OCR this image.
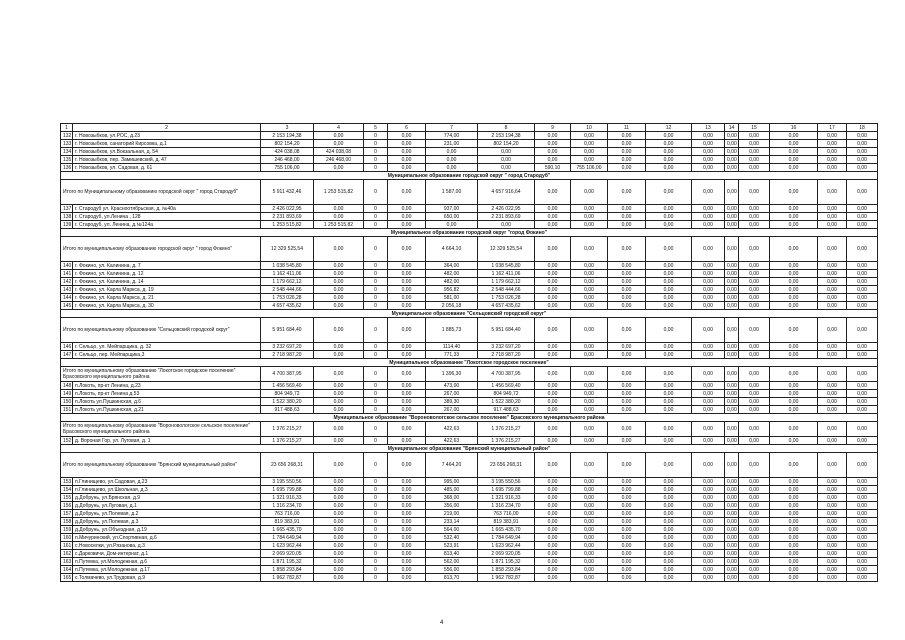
1	2	3	4	5	6	7	8	9	10	11	12	13	14	15	16	17	18
132	г. Новозыбков, ул.РОС, д.23	2 153 194,38	0,00	0	0,00	774,00	2 153 194,38	0,00	0,00	0,00	0,00	0,00	0,00	0,00	0,00	0,00	0,00
133	г. Новозыбков, санаторий Кирсовка, д.1	802 154,20	0,00	0	0,00	231,00	802 154,20	0,00	0,00	0,00	0,00	0,00	0,00	0,00	0,00	0,00	0,00
134	г. Новозыбков, ул.Вокзальная, д. 54	424 038,08	424 038,08	0	0,00	0,00	0,00	0,00	0,00	0,00	0,00	0,00	0,00	0,00	0,00	0,00	0,00
135	г. Новозыбков, пер. Замишевский, д. 47	246 468,00	246 468,00	0	0,00	0,00	0,00	0,00	0,00	0,00	0,00	0,00	0,00	0,00	0,00	0,00	0,00
136	г. Новозыбков, ул. Садовая, д. 61	755 106,00	0,00	0	0,00	0,00	0,00	590,10	755 106,00	0,00	0,00	0,00	0,00	0,00	0,00	0,00	0,00
Муниципальное образование городской округ " город Стародуб"																	
Итого по Муниципальному образованию городской округ " город Стародуб"		5 911 432,46	1 253 515,82	0	0,00	1 587,00	4 657 916,64	0,00	0,00	0,00	0,00	0,00	0,00	0,00	0,00	0,00	0,00
137	г. Стародуб ул. Красноотябрьская, д. №40а	2 426 022,95	0,00	0	0,00	937,00	2 426 022,95	0,00	0,00	0,00	0,00	0,00	0,00	0,00	0,00	0,00	0,00
138	г. Стародуб, ул.Ленина , 128	2 231 893,69	0,00	0	0,00	650,00	2 231 893,69	0,00	0,00	0,00	0,00	0,00	0,00	0,00	0,00	0,00	0,00
139	г. Стародуб, ул. Ленина, д.№124а	1 253 515,82	1 253 515,82	0	0,00	0,00	0,00	0,00	0,00	0,00	0,00	0,00	0,00	0,00	0,00	0,00	0,00
Муниципальное образование городской округ "город Фокино"																	
Итого по муниципальному образованию городской округ " город Фокино"		12 329 525,54	0,00	0	0,00	4 664,10	12 329 525,54	0,00	0,00	0,00	0,00	0,00	0,00	0,00	0,00	0,00	0,00
140	г. Фокино, ул. Калинина, д. 7	1 038 545,80	0,00	0	0,00	364,00	1 038 545,80	0,00	0,00	0,00	0,00	0,00	0,00	0,00	0,00	0,00	0,00
141	г. Фокино, ул. Калинина, д. 12	1 162 411,06	0,00	0	0,00	482,00	1 162 411,06	0,00	0,00	0,00	0,00	0,00	0,00	0,00	0,00	0,00	0,00
142	г. Фокино, ул. Калинина, д. 14	1 179 662,12	0,00	0	0,00	482,00	1 179 662,12	0,00	0,00	0,00	0,00	0,00	0,00	0,00	0,00	0,00	0,00
143	г. Фокино, ул. Карла Маркса, д. 19	2 548 444,66	0,00	0	0,00	956,82	2 548 444,66	0,00	0,00	0,00	0,00	0,00	0,00	0,00	0,00	0,00	0,00
144	г. Фокино, ул. Карла Маркса, д. 21	1 753 026,28	0,00	0	0,00	581,00	1 753 026,28	0,00	0,00	0,00	0,00	0,00	0,00	0,00	0,00	0,00	0,00
145	г. Фокино, ул. Карла Маркса, д. 30	4 657 435,62	0,00	0	0,00	2 056,18	4 657 435,62	0,00	0,00	0,00	0,00	0,00	0,00	0,00	0,00	0,00	0,00
Муниципальное образование "Сельцовский городской округ"																	
Итого по муниципальному образованию "Сельцовский городской округ"		5 951 684,40	0,00	0	0,00	1 885,73	5 951 684,40	0,00	0,00	0,00	0,00	0,00	0,00	0,00	0,00	0,00	0,00
146	г. Сельцо, ул. Мейпарщика, д. 32	3 232 697,20	0,00	0	0,00	1114,40	3 232 697,20	0,00	0,00	0,00	0,00	0,00	0,00	0,00	0,00	0,00	0,00
147	г. Сельцо, пер. Мейпарщика,3	2 718 987,20	0,00	0	0,00	771,33	2 718 987,20	0,00	0,00	0,00	0,00	0,00	0,00	0,00	0,00	0,00	0,00
Муниципальное образование "Локотское городское поселение"																	
Итого по муниципальному образованию "Локотское городское поселение" Брасовского муниципального района		4 700 387,95	0,00	0	0,00	1 396,30	4 700 387,95	0,00	0,00	0,00	0,00	0,00	0,00	0,00	0,00	0,00	0,00
148	п.Локоть, пр-кт Ленина, д.23	1 456 569,40	0,00	0	0,00	473,00	1 456 569,40	0,00	0,00	0,00	0,00	0,00	0,00	0,00	0,00	0,00	0,00
149	п.Локоть, пр-кт Ленина д.53	804 949,72	0,00	0	0,00	267,00	804 949,72	0,00	0,00	0,00	0,00	0,00	0,00	0,00	0,00	0,00	0,00
150	п.Локоть ул.Пушкинская, д.6	1 522 380,20	0,00	0	0,00	389,30	1 522 380,20	0,00	0,00	0,00	0,00	0,00	0,00	0,00	0,00	0,00	0,00
151	п.Локоть ул.Пушкинская, д.21	917 488,63	0,00	0	0,00	267,00	917 488,63	0,00	0,00	0,00	0,00	0,00	0,00	0,00	0,00	0,00	0,00
Муниципальное образование "Вороновологское сельское поселение" Брасовского муниципального района																	
Итого по муниципальному образованию "Вороновологское сельское поселение" Брасовского муниципального района		1 376 215,27	0,00	0	0,00	422,63	1 376 215,27	0,00	0,00	0,00	0,00	0,00	0,00	0,00	0,00	0,00	0,00
152	д. Вороная Гор, ул. Луговая, д. 1	1 376 215,27	0,00	0	0,00	422,63	1 376 215,27	0,00	0,00	0,00	0,00	0,00	0,00	0,00	0,00	0,00	0,00
Муниципальное образование "Брянский муниципальный район"																	
Итого по муниципальному образованию "Брянский муниципальный район"		23 656 268,31	0,00	0	0,00	7 464,20	23 656 268,31	0,00	0,00	0,00	0,00	0,00	0,00	0,00	0,00	0,00	0,00
153	п.Глинищево, ул.Садовая, д.23	3 195 550,56	0,00	0	0,00	995,00	3 195 550,56	0,00	0,00	0,00	0,00	0,00	0,00	0,00	0,00	0,00	0,00
154	п.Глинищево, ул.Школьная, д.3	1 695 799,88	0,00	0	0,00	485,00	1 695 799,88	0,00	0,00	0,00	0,00	0,00	0,00	0,00	0,00	0,00	0,00
155	д.Добрунь, ул.Брянская, д.9	1 321 916,33	0,00	0	0,00	368,00	1 321 916,33	0,00	0,00	0,00	0,00	0,00	0,00	0,00	0,00	0,00	0,00
156	д.Добрунь, ул.Луговая, д.1	1 316 234,70	0,00	0	0,00	356,00	1 316 234,70	0,00	0,00	0,00	0,00	0,00	0,00	0,00	0,00	0,00	0,00
157	д.Добрунь, ул.Полевая, д.2	763 716,00	0,00	0	0,00	219,00	763 716,00	0,00	0,00	0,00	0,00	0,00	0,00	0,00	0,00	0,00	0,00
158	д.Добрунь, ул.Полевая, д.3	819 383,91	0,00	0	0,00	233,14	819 383,91	0,00	0,00	0,00	0,00	0,00	0,00	0,00	0,00	0,00	0,00
159	д.Добрунь, ул.Объездная, д.19	1 665 435,70	0,00	0	0,00	564,00	1 665 435,70	0,00	0,00	0,00	0,00	0,00	0,00	0,00	0,00	0,00	0,00
160	п.Мичуринский, ул.Спортивная, д.6	1 784 649,94	0,00	0	0,00	532,40	1 784 649,94	0,00	0,00	0,00	0,00	0,00	0,00	0,00	0,00	0,00	0,00
161	с.Новоселки, ул.Рязанова, д.3	1 623 962,44	0,00	0	0,00	523,91	1 623 962,44	0,00	0,00	0,00	0,00	0,00	0,00	0,00	0,00	0,00	0,00
162	с.Дарковичи, Дом-интернат, д.1	2 069 920,05	0,00	0	0,00	813,40	2 069 920,05	0,00	0,00	0,00	0,00	0,00	0,00	0,00	0,00	0,00	0,00
163	п.Путевка, ул.Молодежная, д.6	1 871 195,32	0,00	0	0,00	562,00	1 871 195,32	0,00	0,00	0,00	0,00	0,00	0,00	0,00	0,00	0,00	0,00
164	п.Путевка, ул.Молодежная, д.17	1 858 293,84	0,00	0	0,00	556,00	1 858 293,84	0,00	0,00	0,00	0,00	0,00	0,00	0,00	0,00	0,00	0,00
165	с.Толмачево, ул.Трудовая, д.9	1 962 782,87	0,00	0	0,00	813,70	1 962 782,87	0,00	0,00	0,00	0,00	0,00	0,00	0,00	0,00	0,00	0,00
4
